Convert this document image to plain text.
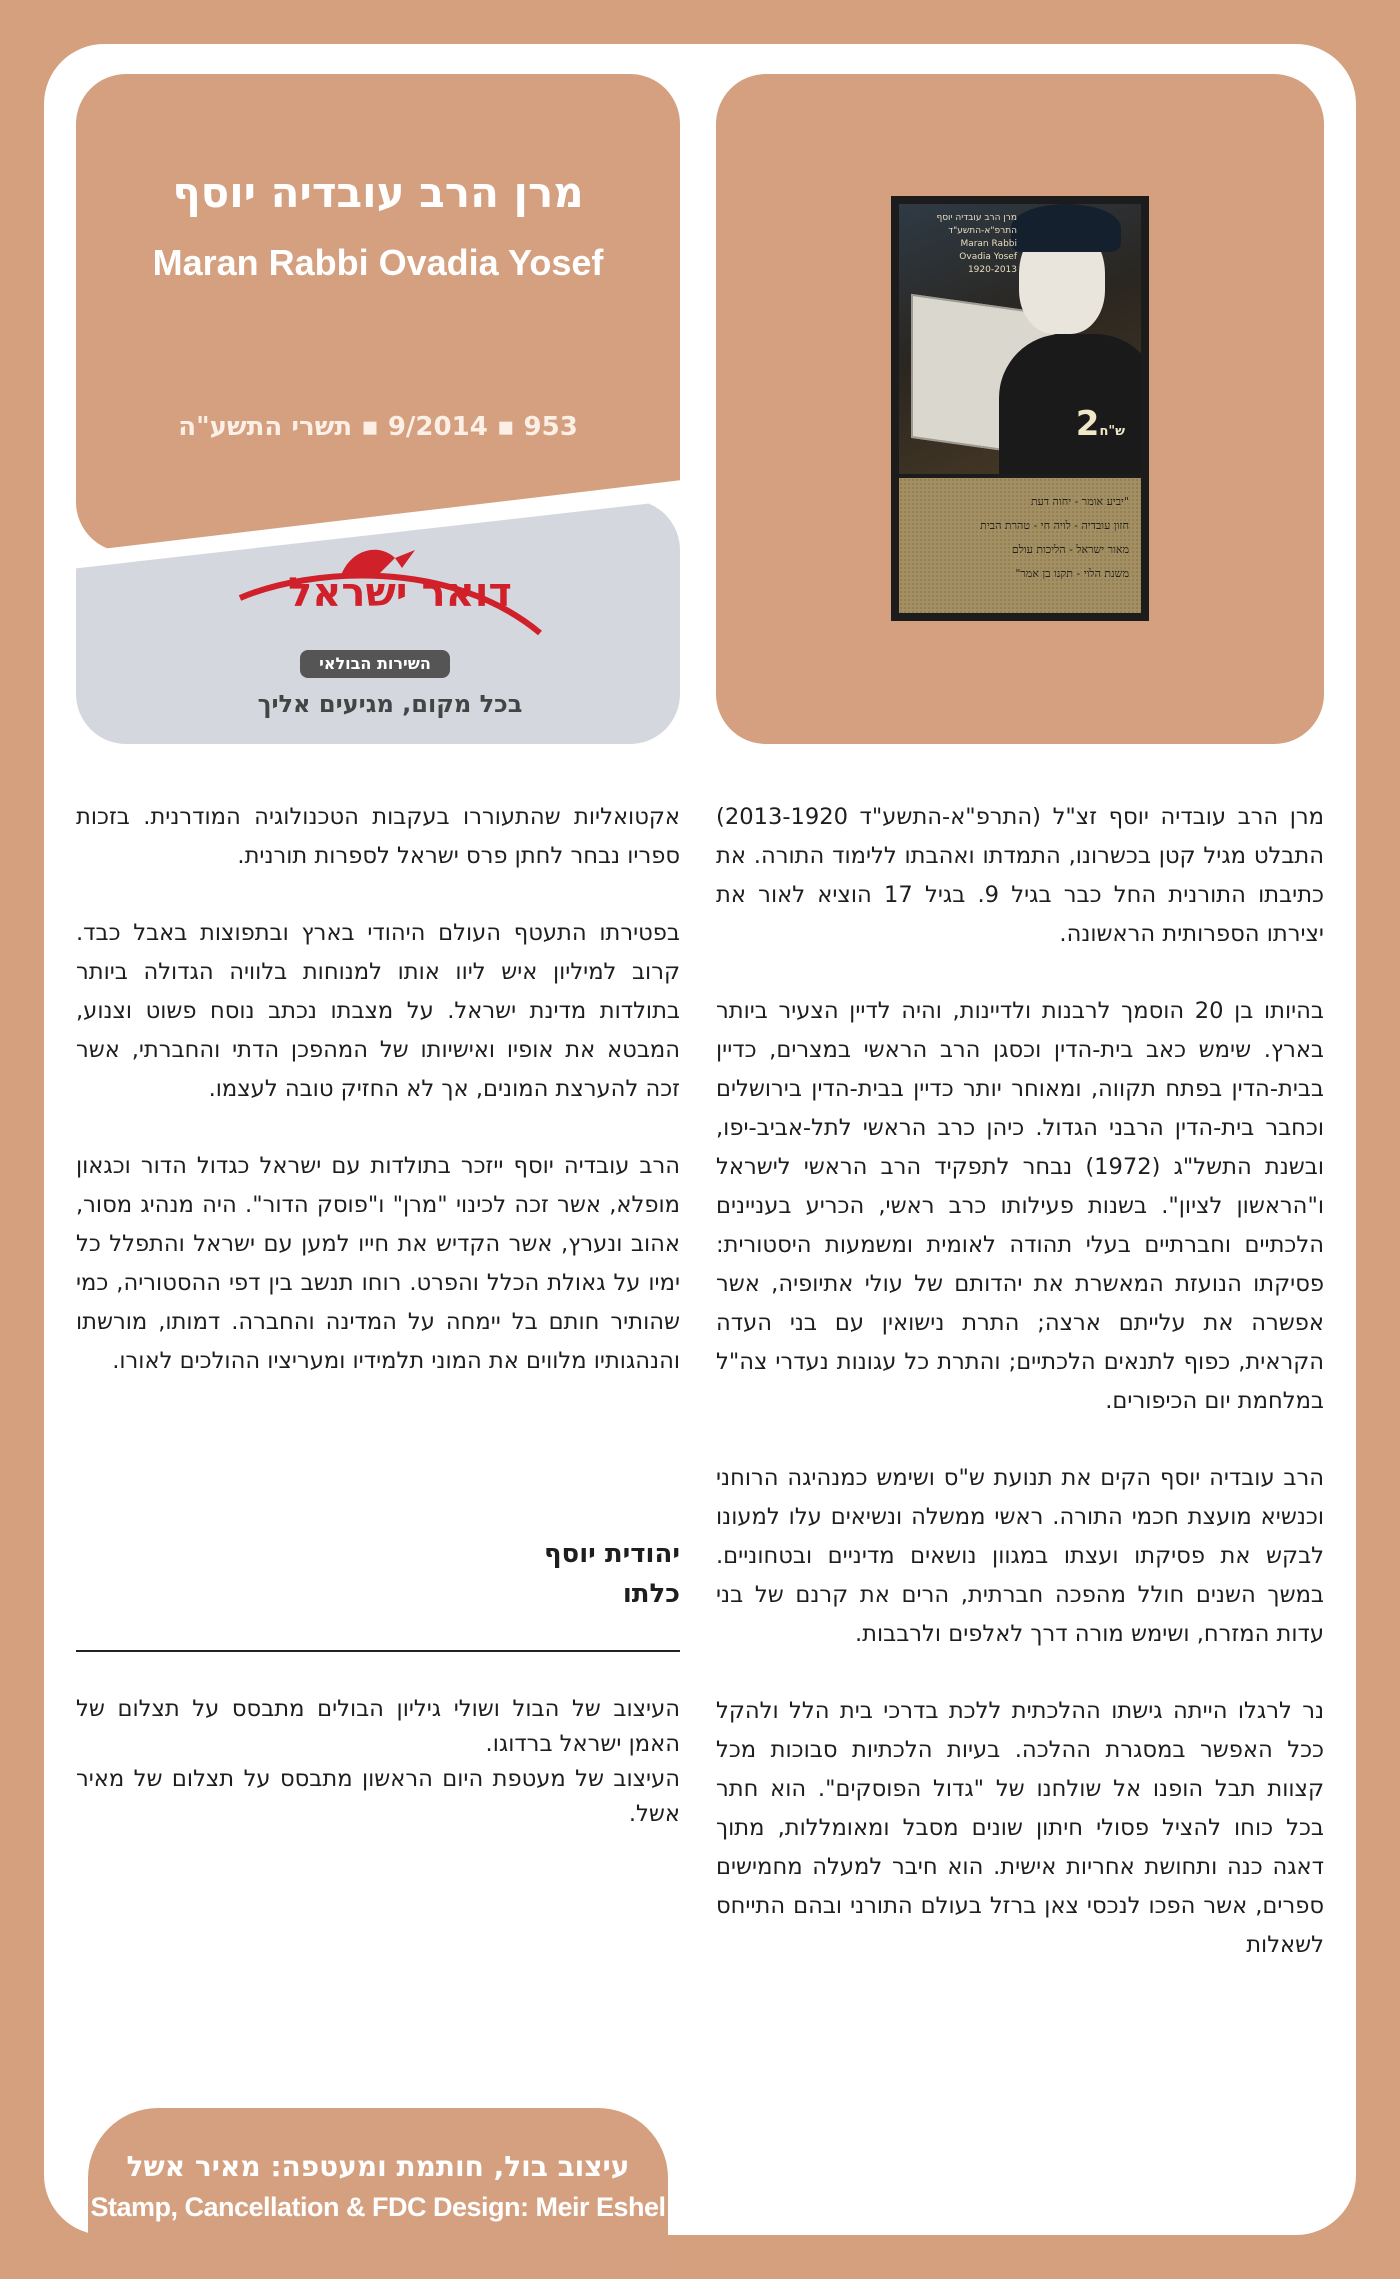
מרן הרב עובדיה יוסף
התרפ"א-התשע"ד
Maran Rabbi
Ovadia Yosef
1920-2013
ש"ח2
"יביע אומר - יחוה דעת
חזון עובדיה - לויה חי - טהרת הבית
מאור ישראל - הליכות עולם
משנת הלוי - תקנו בן אמר"
מרן הרב עובדיה יוסף
Maran Rabbi Ovadia Yosef
953 ▪ 9/2014 ▪ תשרי התשע"ה
דואר ישראל
השירות הבולאי
בכל מקום, מגיעים אליך

מרן הרב עובדיה יוסף זצ"ל (התרפ"א-התשע"ד 2013-1920) התבלט מגיל קטן בכשרונו, התמדתו ואהבתו ללימוד התורה. את כתיבתו התורנית החל כבר בגיל 9. בגיל 17 הוציא לאור את יצירתו הספרותית הראשונה.

בהיותו בן 20 הוסמך לרבנות ולדיינות, והיה לדיין הצעיר ביותר בארץ. שימש כאב בית-הדין וכסגן הרב הראשי במצרים, כדיין בבית-הדין בפתח תקווה, ומאוחר יותר כדיין בבית-הדין בירושלים וכחבר בית-הדין הרבני הגדול. כיהן כרב הראשי לתל-אביב-יפו, ובשנת התשל"ג (1972) נבחר לתפקיד הרב הראשי לישראל ו"הראשון לציון". בשנות פעילותו כרב ראשי, הכריע בעניינים הלכתיים וחברתיים בעלי תהודה לאומית ומשמעות היסטורית: פסיקתו הנועזת המאשרת את יהדותם של עולי אתיופיה, אשר אפשרה את עלייתם ארצה; התרת נישואין עם בני העדה הקראית, כפוף לתנאים הלכתיים; והתרת כל עגונות נעדרי צה"ל במלחמת יום הכיפורים.

הרב עובדיה יוסף הקים את תנועת ש"ס ושימש כמנהיגה הרוחני וכנשיא מועצת חכמי התורה. ראשי ממשלה ונשיאים עלו למעונו לבקש את פסיקתו ועצתו במגוון נושאים מדיניים ובטחוניים. במשך השנים חולל מהפכה חברתית, הרים את קרנם של בני עדות המזרח, ושימש מורה דרך לאלפים ולרבבות.

נר לרגלו הייתה גישתו ההלכתית ללכת בדרכי בית הלל ולהקל ככל האפשר במסגרת ההלכה. בעיות הלכתיות סבוכות מכל קצוות תבל הופנו אל שולחנו של "גדול הפוסקים". הוא חתר בכל כוחו להציל פסולי חיתון שונים מסבל ומאומללות, מתוך דאגה כנה ותחושת אחריות אישית. הוא חיבר למעלה מחמישים ספרים, אשר הפכו לנכסי צאן ברזל בעולם התורני ובהם התייחס לשאלות

אקטואליות שהתעוררו בעקבות הטכנולוגיה המודרנית. בזכות ספריו נבחר לחתן פרס ישראל לספרות תורנית.

בפטירתו התעטף העולם היהודי בארץ ובתפוצות באבל כבד. קרוב למיליון איש ליוו אותו למנוחות בלוויה הגדולה ביותר בתולדות מדינת ישראל. על מצבתו נכתב נוסח פשוט וצנוע, המבטא את אופיו ואישיותו של המהפכן הדתי והחברתי, אשר זכה להערצת המונים, אך לא החזיק טובה לעצמו.

הרב עובדיה יוסף ייזכר בתולדות עם ישראל כגדול הדור וכגאון מופלא, אשר זכה לכינוי "מרן" ו"פוסק הדור". היה מנהיג מסור, אהוב ונערץ, אשר הקדיש את חייו למען עם ישראל והתפלל כל ימיו על גאולת הכלל והפרט. רוחו תנשב בין דפי ההסטוריה, כמי שהותיר חותם בל יימחה על המדינה והחברה. דמותו, מורשתו והנהגותיו מלווים את המוני תלמידיו ומעריציו ההולכים לאורו.

יהודית יוסף
כלתו

העיצוב של הבול ושולי גיליון הבולים מתבסס על תצלום של האמן ישראל ברדוגו.

העיצוב של מעטפת היום הראשון מתבסס על תצלום של מאיר אשל.

עיצוב בול, חותמת ומעטפה: מאיר אשל
Stamp, Cancellation & FDC Design: Meir Eshel
